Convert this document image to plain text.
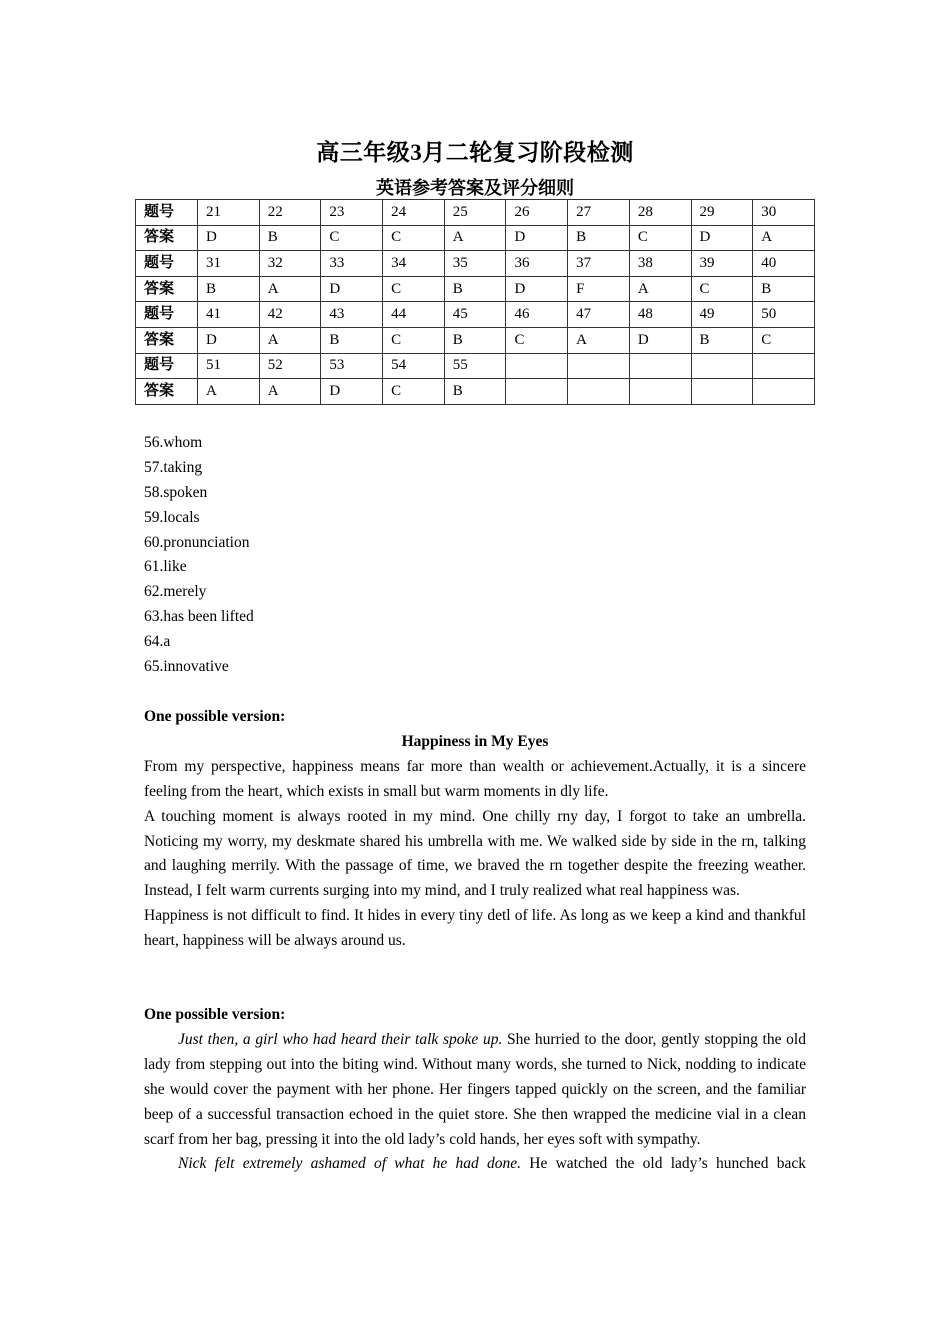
高三年级3月二轮复习阶段检测
英语参考答案及评分细则
题号	21	22	23	24	25	26	27	28	29	30
答案	D	B	C	C	A	D	B	C	D	A
题号	31	32	33	34	35	36	37	38	39	40
答案	B	A	D	C	B	D	F	A	C	B
题号	41	42	43	44	45	46	47	48	49	50
答案	D	A	B	C	B	C	A	D	B	C
题号	51	52	53	54	55					
答案	A	A	D	C	B					
56.whom
57.taking
58.spoken
59.locals
60.pronunciation
61.like
62.merely
63.has been lifted
64.a
65.innovative
One possible version:
Happiness in My Eyes
From my perspective, happiness means far more than wealth or achievement.Actually, it is a sincere feeling from the heart, which exists in small but warm moments in dly life.
A touching moment is always rooted in my mind. One chilly rny day, I forgot to take an umbrella. Noticing my worry, my deskmate shared his umbrella with me. We walked side by side in the rn, talking and laughing merrily. With the passage of time, we braved the rn together despite the freezing weather. Instead, I felt warm currents surging into my mind, and I truly realized what real happiness was.
Happiness is not difficult to find. It hides in every tiny detl of life. As long as we keep a kind and thankful heart, happiness will be always around us.
One possible version:
Just then, a girl who had heard their talk spoke up. She hurried to the door, gently stopping the old lady from stepping out into the biting wind. Without many words, she turned to Nick, nodding to indicate she would cover the payment with her phone. Her fingers tapped quickly on the screen, and the familiar beep of a successful transaction echoed in the quiet store. She then wrapped the medicine vial in a clean scarf from her bag, pressing it into the old lady’s cold hands, her eyes soft with sympathy.
Nick felt extremely ashamed of what he had done. He watched the old lady’s hunched back
